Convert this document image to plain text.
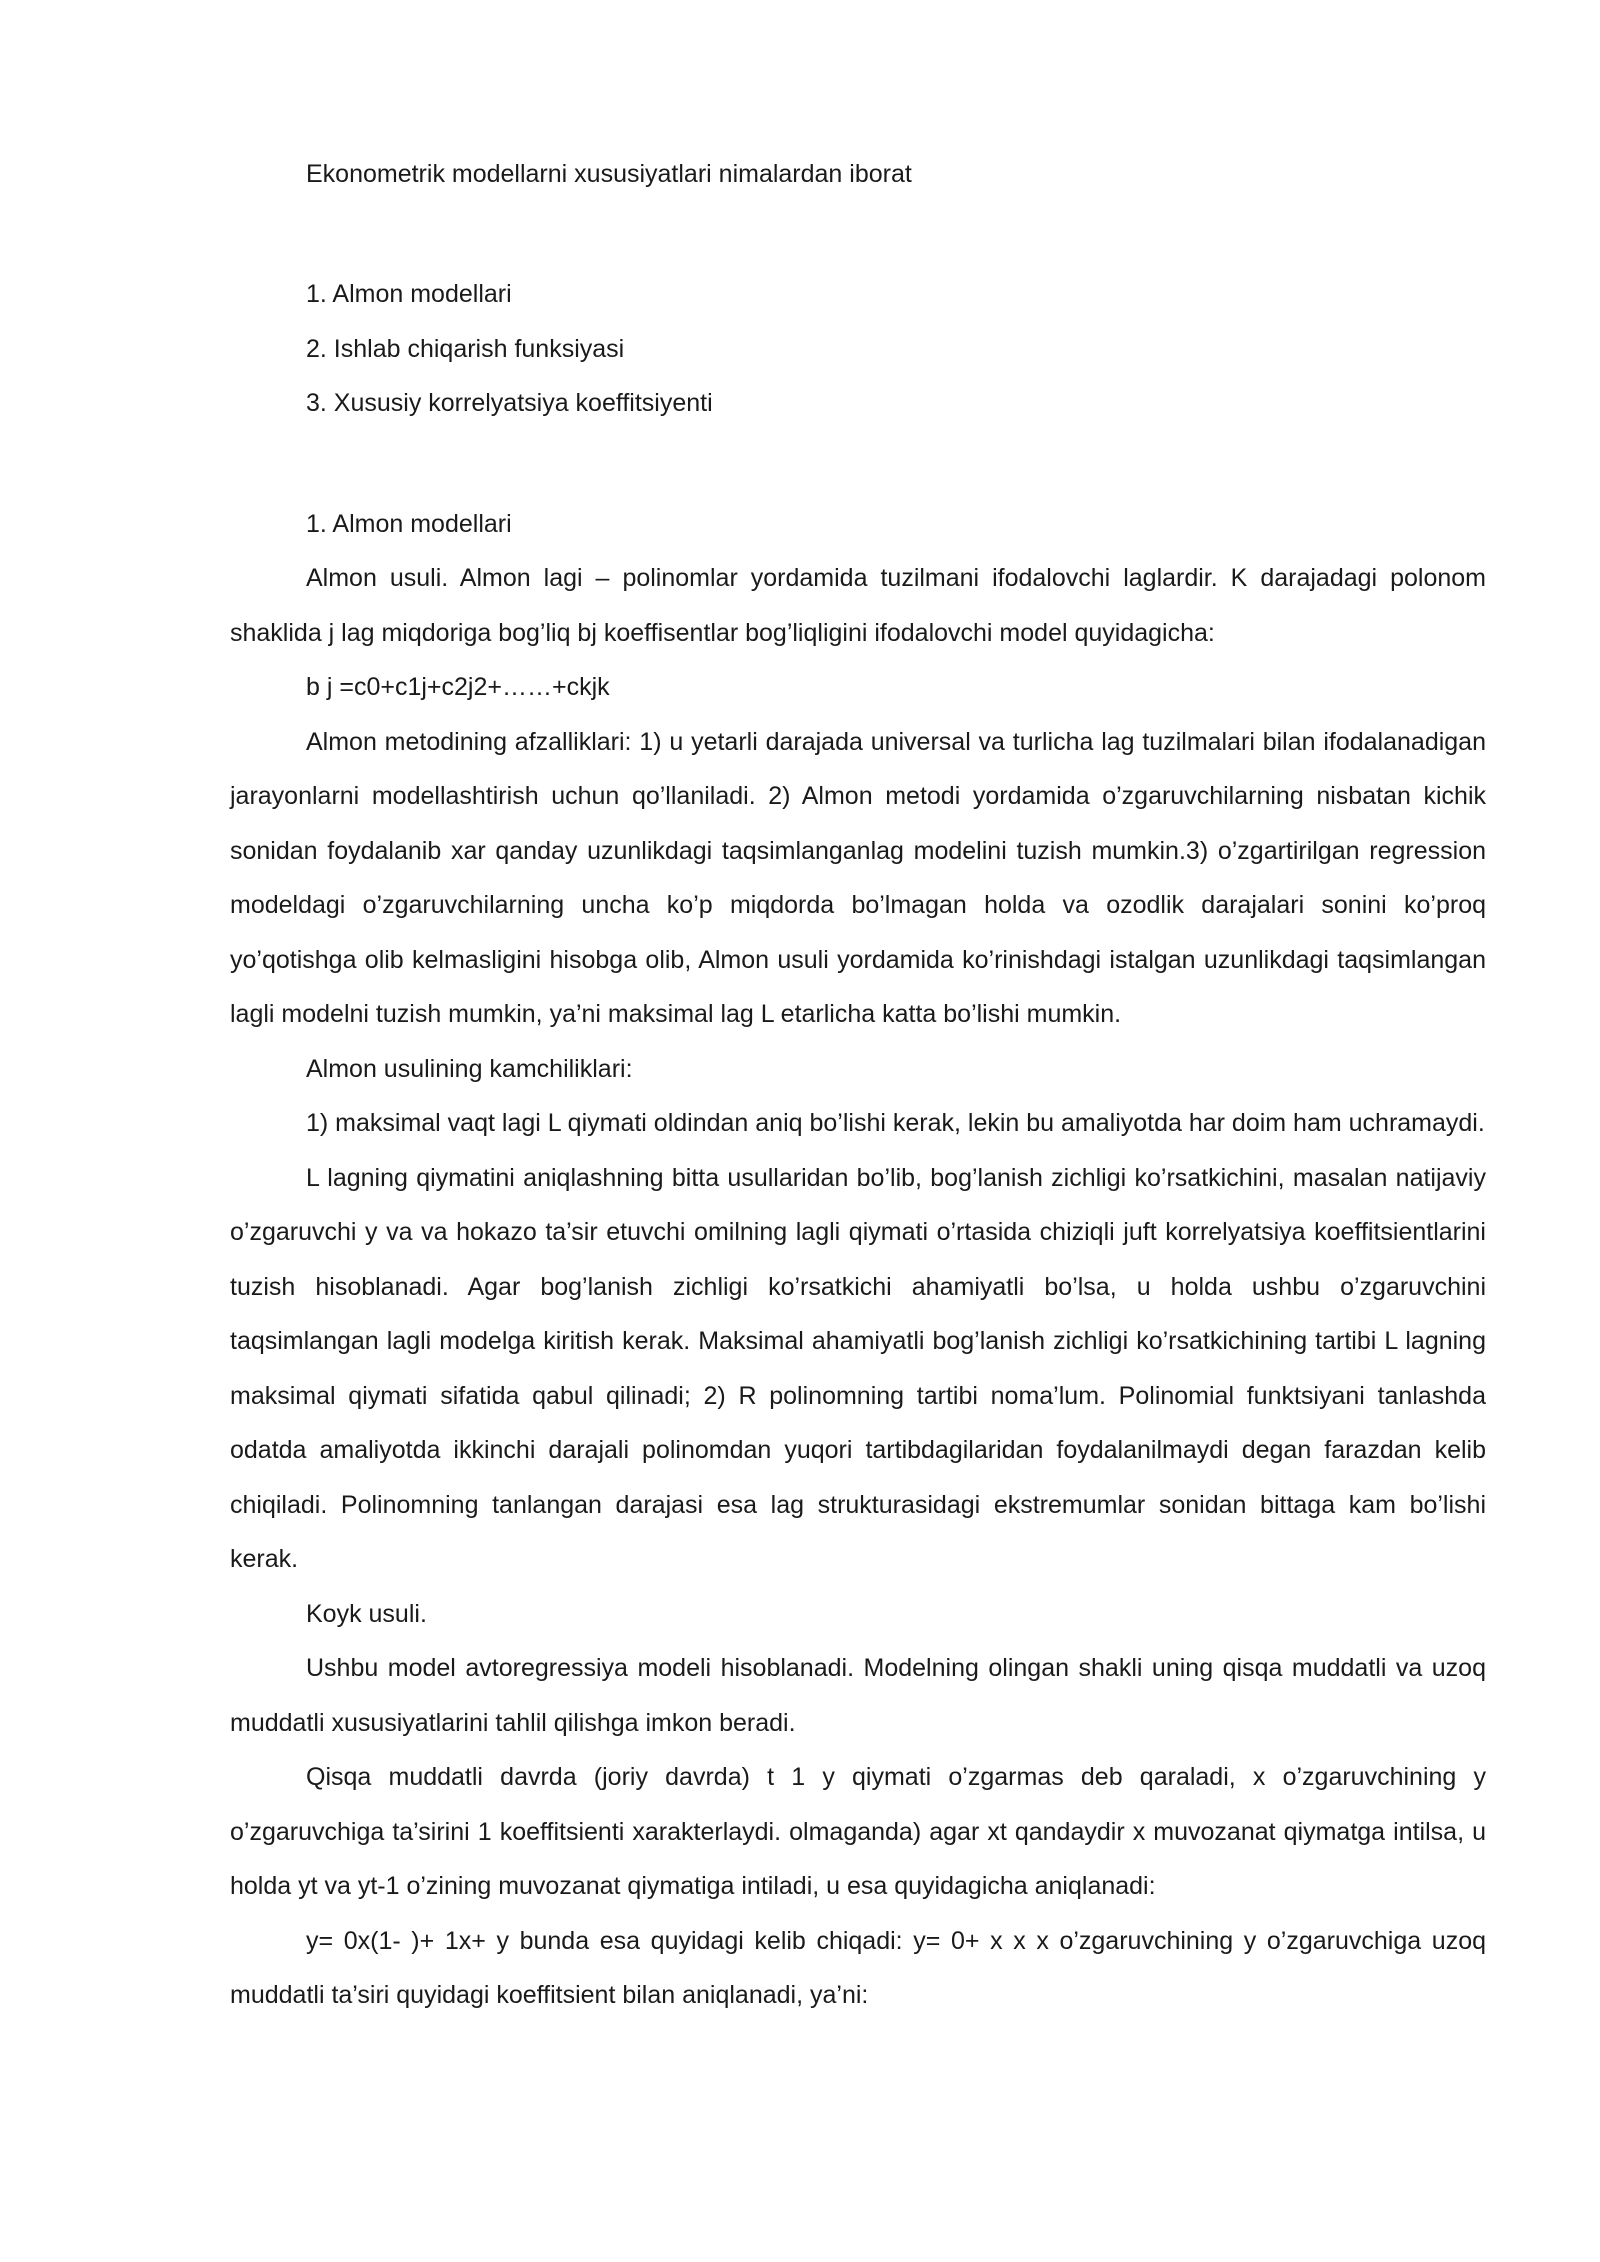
Ekonometrik modellarni xususiyatlari nimalardan iborat

1. Almon modellari

2. Ishlab chiqarish funksiyasi

3. Xususiy korrelyatsiya koeffitsiyenti

1. Almon modellari

Almon usuli. Almon lagi – polinomlar yordamida tuzilmani ifodalovchi laglardir. K darajadagi polonom shaklida j lag miqdoriga bog’liq bj koeffisentlar bog’liqligini ifodalovchi model quyidagicha:

b j =c0+c1j+c2j2+……+ckjk

Almon metodining afzalliklari: 1) u yetarli darajada universal va turlicha lag tuzilmalari bilan ifodalanadigan jarayonlarni modellashtirish uchun qo’llaniladi. 2) Almon metodi yordamida o’zgaruvchilarning nisbatan kichik sonidan foydalanib xar qanday uzunlikdagi taqsimlanganlag modelini tuzish mumkin.3) o’zgartirilgan regression modeldagi o’zgaruvchilarning uncha ko’p miqdorda bo’lmagan holda va ozodlik darajalari sonini ko’proq yo’qotishga olib kelmasligini hisobga olib, Almon usuli yordamida ko’rinishdagi istalgan uzunlikdagi taqsimlangan lagli modelni tuzish mumkin, ya’ni maksimal lag L etarlicha katta bo’lishi mumkin.

Almon usulining kamchiliklari:

1) maksimal vaqt lagi L qiymati oldindan aniq bo’lishi kerak, lekin bu amaliyotda har doim ham uchramaydi.

L lagning qiymatini aniqlashning bitta usullaridan bo’lib, bog’lanish zichligi ko’rsatkichini, masalan natijaviy o’zgaruvchi y va va hokazo ta’sir etuvchi omilning lagli qiymati o’rtasida chiziqli juft korrelyatsiya koeffitsientlarini tuzish hisoblanadi. Agar bog’lanish zichligi ko’rsatkichi ahamiyatli bo’lsa, u holda ushbu o’zgaruvchini taqsimlangan lagli modelga kiritish kerak. Maksimal ahamiyatli bog’lanish zichligi ko’rsatkichining tartibi L lagning maksimal qiymati sifatida qabul qilinadi; 2) R polinomning tartibi noma’lum. Polinomial funktsiyani tanlashda odatda amaliyotda ikkinchi darajali polinomdan yuqori tartibdagilaridan foydalanilmaydi degan farazdan kelib chiqiladi. Polinomning tanlangan darajasi esa lag strukturasidagi ekstremumlar sonidan bittaga kam bo’lishi kerak.

Koyk usuli.

Ushbu model avtoregressiya modeli hisoblanadi. Modelning olingan shakli uning qisqa muddatli va uzoq muddatli xususiyatlarini tahlil qilishga imkon beradi.

Qisqa muddatli davrda (joriy davrda) t 1 y qiymati o’zgarmas deb qaraladi, x o’zgaruvchining y o’zgaruvchiga ta’sirini 1 koeffitsienti xarakterlaydi. olmaganda) agar xt qandaydir x muvozanat qiymatga intilsa, u holda yt va yt-1 o’zining muvozanat qiymatiga intiladi, u esa quyidagicha aniqlanadi:

y= 0x(1- )+ 1x+ y bunda esa quyidagi kelib chiqadi: y= 0+ x x x o’zgaruvchining y o’zgaruvchiga uzoq muddatli ta’siri quyidagi koeffitsient bilan aniqlanadi, ya’ni:
